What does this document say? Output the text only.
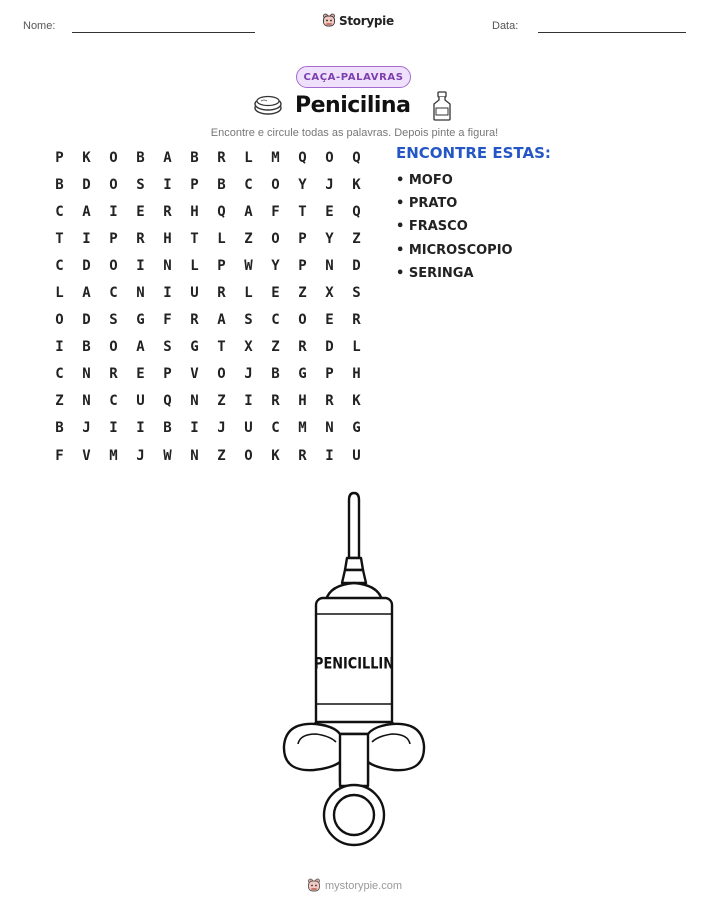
Nome:	Storypie	Data:
CAÇA-PALAVRAS
Penicilina
Encontre e circule todas as palavras. Depois pinte a figura!
P	K	O	B	A	B	R	L	M	Q	O	Q
B	D	O	S	I	P	B	C	O	Y	J	K
C	A	I	E	R	H	Q	A	F	T	E	Q
T	I	P	R	H	T	L	Z	O	P	Y	Z
C	D	O	I	N	L	P	W	Y	P	N	D
L	A	C	N	I	U	R	L	E	Z	X	S
O	D	S	G	F	R	A	S	C	O	E	R
I	B	O	A	S	G	T	X	Z	R	D	L
C	N	R	E	P	V	O	J	B	G	P	H
Z	N	C	U	Q	N	Z	I	R	H	R	K
B	J	I	I	B	I	J	U	C	M	N	G
F	V	M	J	W	N	Z	O	K	R	I	U
ENCONTRE ESTAS:
• MOFO
• PRATO
• FRASCO
• MICROSCOPIO
• SERINGA
PENICILLIN
mystorypie.com
